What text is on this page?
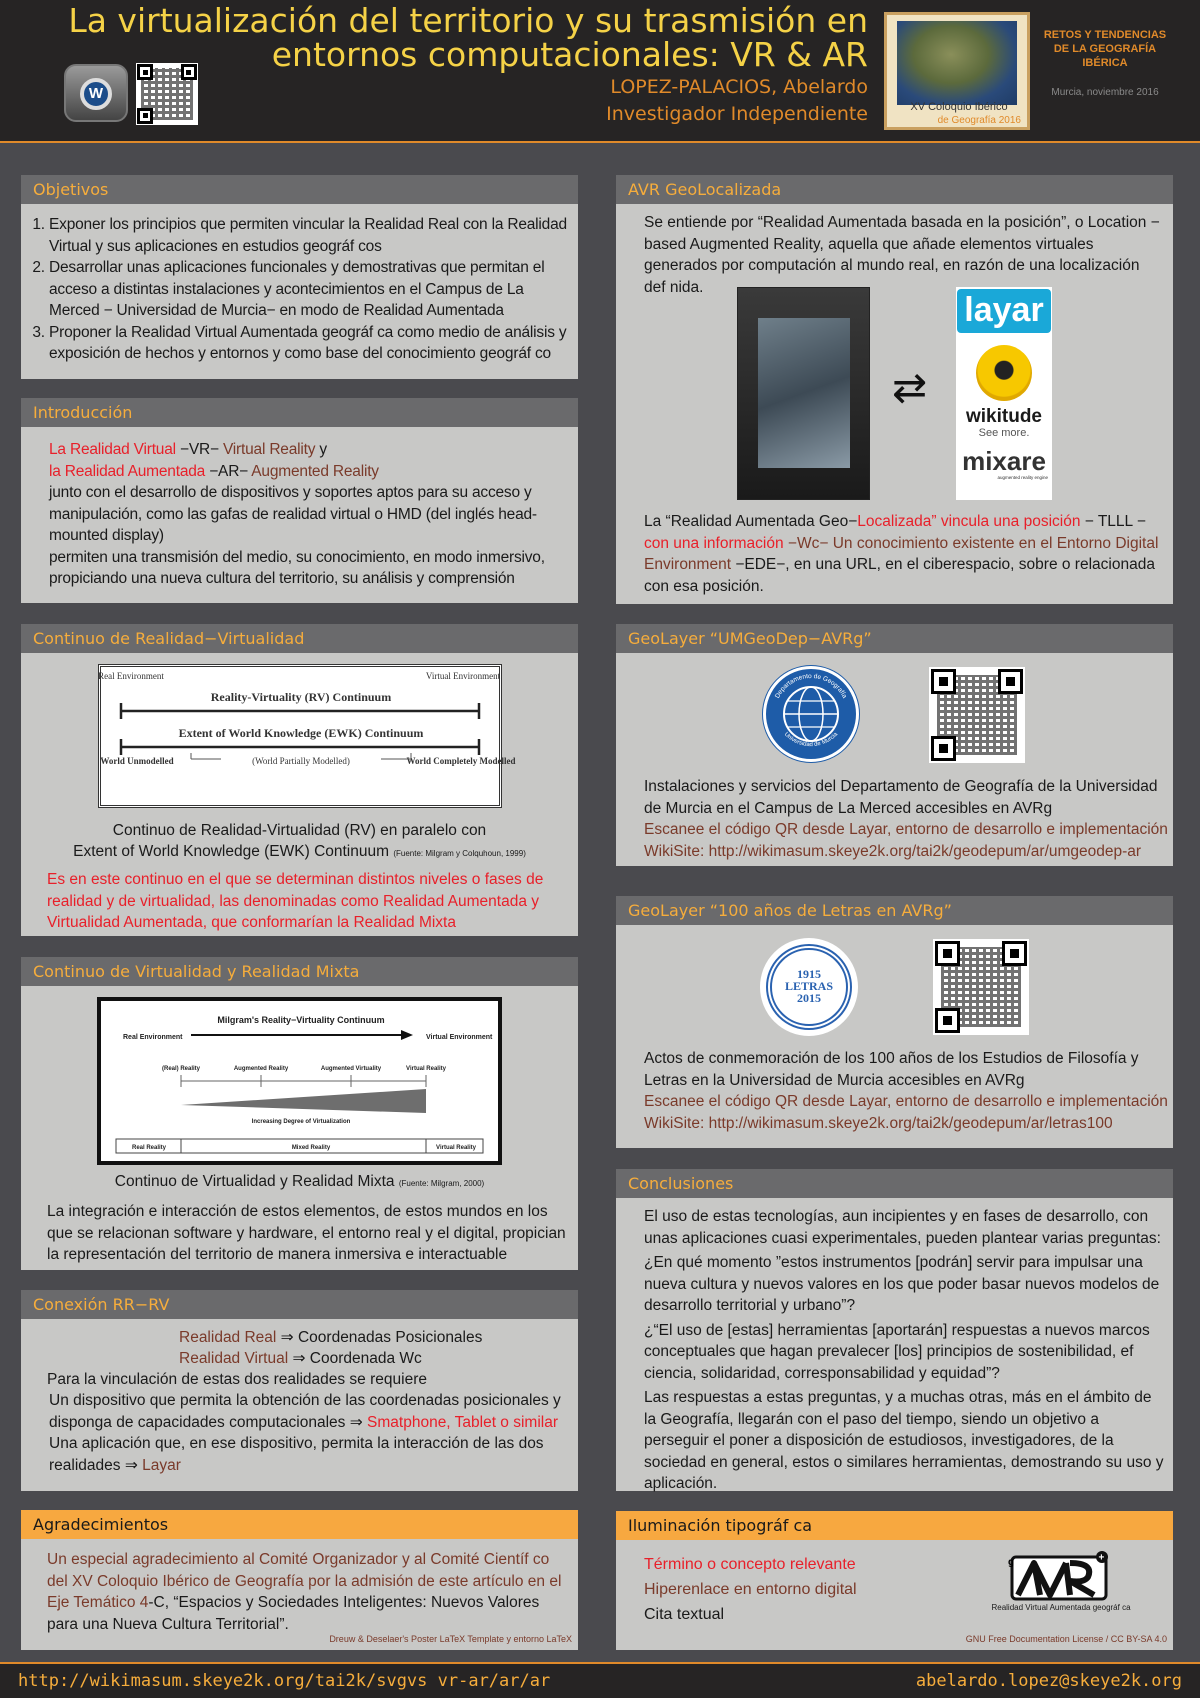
La virtualización del territorio y su trasmisión en
entornos computacionales: VR & AR
LOPEZ-PALACIOS, Abelardo
Investigador Independiente
W
XV Coloquio Ibérico
de Geografía 2016
RETOS Y TENDENCIAS DE LA GEOGRAFÍA IBÉRICA
Murcia, noviembre 2016
Objetivos
1. Exponer los principios que permiten vincular la Realidad Real con la Realidad Virtual y sus aplicaciones en estudios geográf cos
2. Desarrollar unas aplicaciones funcionales y demostrativas que permitan el acceso a distintas instalaciones y acontecimientos en el Campus de La Merced − Universidad de Murcia− en modo de Realidad Aumentada
3. Proponer la Realidad Virtual Aumentada geográf ca como medio de análisis y exposición de hechos y entornos y como base del conocimiento geográf co
Introducción
La Realidad Virtual −VR− Virtual Reality y
la Realidad Aumentada −AR− Augmented Reality
junto con el desarrollo de dispositivos y soportes aptos para su acceso y manipulación, como las gafas de realidad virtual o HMD (del inglés head-mounted display)
permiten una transmisión del medio, su conocimiento, en modo inmersivo, propiciando una nueva cultura del territorio, su análisis y comprensión
Continuo de Realidad−Virtualidad
Real Environment	Virtual Environment
Reality-Virtuality (RV) Continuum
Extent of World Knowledge (EWK) Continuum
World Unmodelled	(World Partially Modelled)	World Completely Modelled
Continuo de Realidad-Virtualidad (RV) en paralelo con
Extent of World Knowledge (EWK) Continuum (Fuente: Milgram y Colquhoun, 1999)
Es en este continuo en el que se determinan distintos niveles o fases de realidad y de virtualidad, las denominadas como Realidad Aumentada y Virtualidad Aumentada, que conformarían la Realidad Mixta
Continuo de Virtualidad y Realidad Mixta
Milgram's Reality−Virtuality Continuum
Real Environment	Virtual Environment
(Real) Reality	Augmented Reality	Augmented Virtuality	Virtual Reality
Increasing Degree of Virtualization
Real Reality	Mixed Reality	Virtual Reality
Continuo de Virtualidad y Realidad Mixta (Fuente: Milgram, 2000)
La integración e interacción de estos elementos, de estos mundos en los que se relacionan software y hardware, el entorno real y el digital, propician la representación del territorio de manera inmersiva e interactuable
Conexión RR−RV
Realidad Real ⇒ Coordenadas Posicionales
Realidad Virtual ⇒ Coordenada Wc
Para la vinculación de estas dos realidades se requiere
Un dispositivo que permita la obtención de las coordenadas posicionales y disponga de capacidades computacionales ⇒ Smatphone, Tablet o similar
Una aplicación que, en ese dispositivo, permita la interacción de las dos realidades ⇒ Layar
Agradecimientos
Un especial agradecimiento al Comité Organizador y al Comité Científ co del XV Coloquio Ibérico de Geografía por la admisión de este artículo en el Eje Temático 4-C, “Espacios y Sociedades Inteligentes: Nuevos Valores para una Nueva Cultura Territorial”.
Dreuw & Deselaer's Poster LaTeX Template y entorno LaTeX
AVR GeoLocalizada
Se entiende por “Realidad Aumentada basada en la posición”, o Location − based Augmented Reality, aquella que añade elementos virtuales generados por computación al mundo real, en razón de una localización def nida.
⇄
layar
wikitude
See more.
mixare
augmented reality engine
La “Realidad Aumentada Geo−Localizada” vincula una posición − TLLL − con una información −Wc− Un conocimiento existente en el Entorno Digital Environment −EDE−, en una URL, en el ciberespacio, sobre o relacionada con esa posición.
GeoLayer “UMGeoDep−AVRg”
Departamento de Geografía
Universidad de Murcia
Instalaciones y servicios del Departamento de Geografía de la Universidad de Murcia en el Campus de La Merced accesibles en AVRg
Escanee el código QR desde Layar, entorno de desarrollo e implementación
WikiSite: http://wikimasum.skeye2k.org/tai2k/geodepum/ar/umgeodep-ar
GeoLayer “100 años de Letras en AVRg”
1915 LETRAS 2015
Actos de conmemoración de los 100 años de los Estudios de Filosofía y Letras en la Universidad de Murcia accesibles en AVRg
Escanee el código QR desde Layar, entorno de desarrollo e implementación
WikiSite: http://wikimasum.skeye2k.org/tai2k/geodepum/ar/letras100
Conclusiones
El uso de estas tecnologías, aun incipientes y en fases de desarrollo, con unas aplicaciones cuasi experimentales, pueden plantear varias preguntas:
¿En qué momento ”estos instrumentos [podrán] servir para impulsar una nueva cultura y nuevos valores en los que poder basar nuevos modelos de desarrollo territorial y urbano”?
¿“El uso de [estas] herramientas [aportarán] respuestas a nuevos marcos conceptuales que hagan prevalecer [los] principios de sostenibilidad, ef ciencia, solidaridad, corresponsabilidad y equidad”?
Las respuestas a estas preguntas, y a muchas otras, más en el ámbito de la Geografía, llegarán con el paso del tiempo, siendo un objetivo a perseguir el poner a disposición de estudiosos, investigadores, de la sociedad en general, estos o similares herramientas, demostrando su uso y aplicación.
Iluminación tipográf ca
Término o concepto relevante
Hiperenlace en entorno digital
Cita textual
g	+
Realidad Virtual Aumentada geográf ca
GNU Free Documentation License / CC BY-SA 4.0
http://wikimasum.skeye2k.org/tai2k/svgvs vr-ar/ar/ar	abelardo.lopez@skeye2k.org
